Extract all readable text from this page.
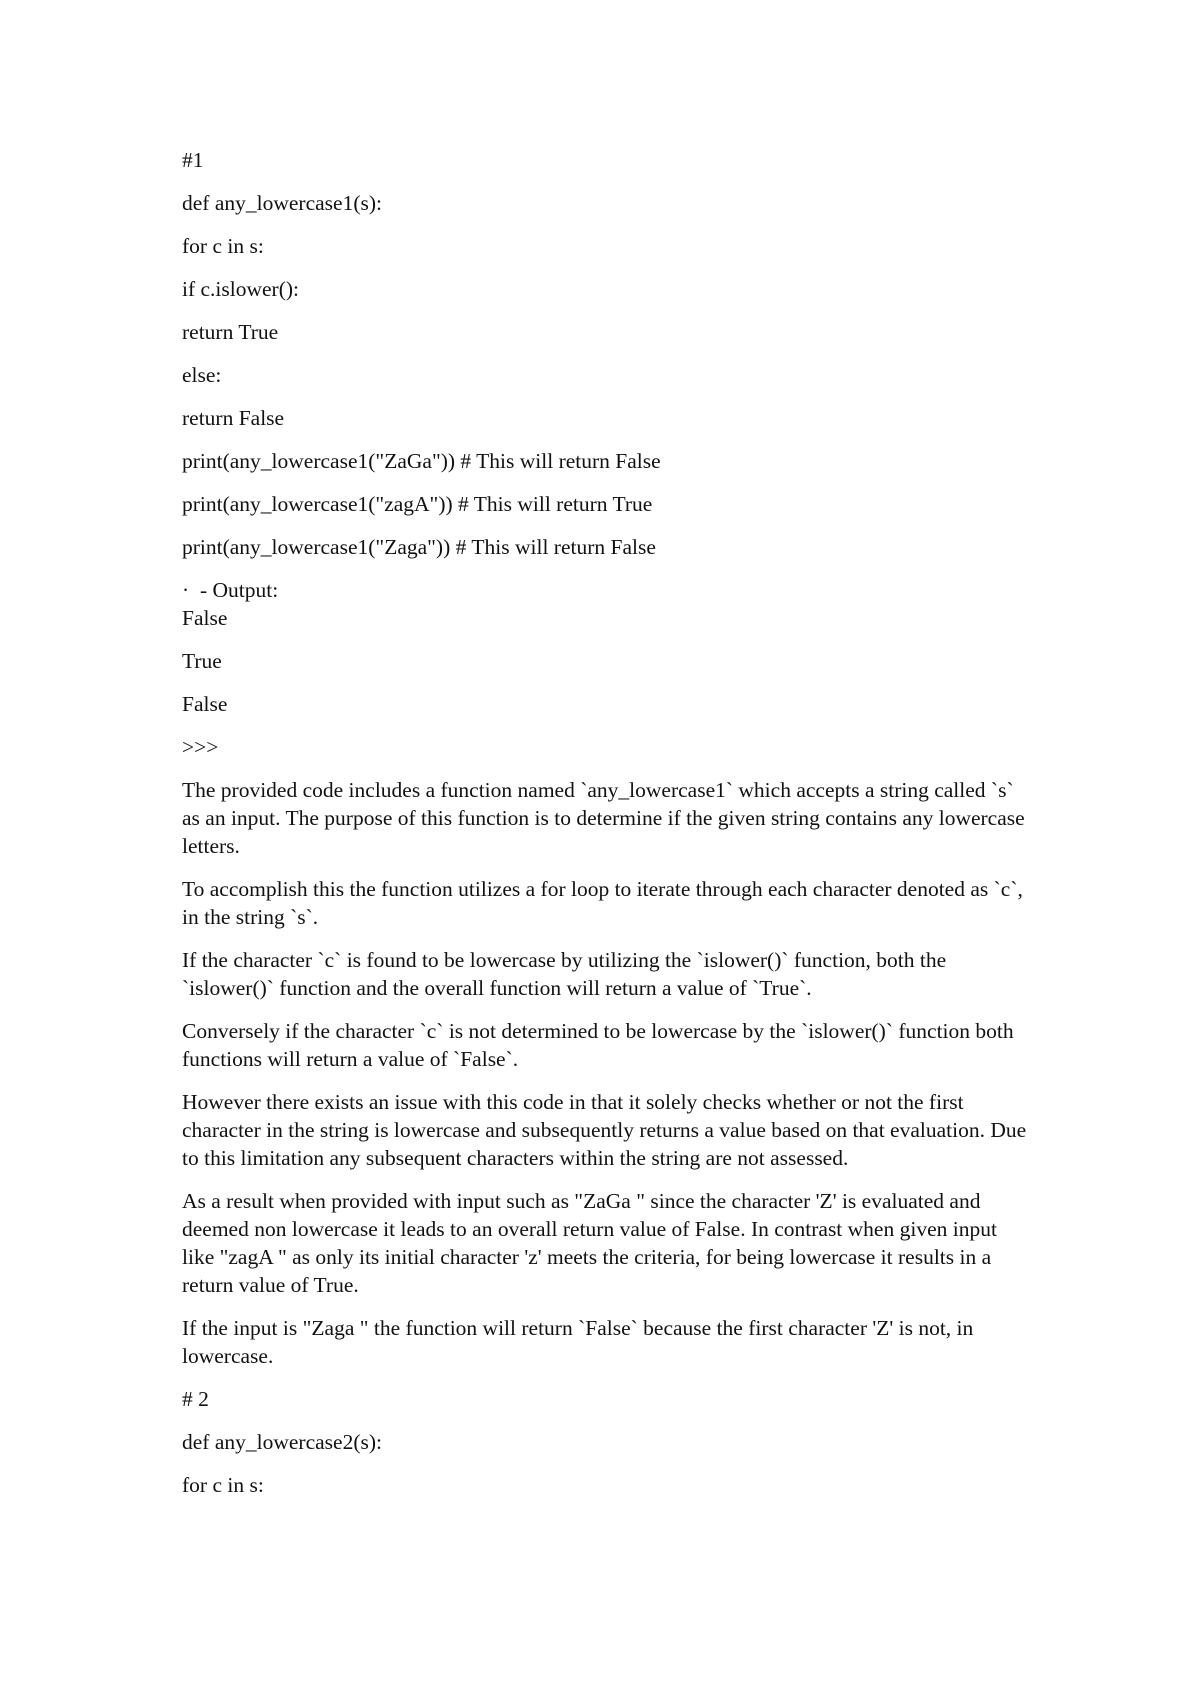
#1
def any_lowercase1(s):
for c in s:
if c.islower():
return True
else:
return False
print(any_lowercase1("ZaGa")) # This will return False
print(any_lowercase1("zagA")) # This will return True
print(any_lowercase1("Zaga")) # This will return False
· - Output:
False
True
False
>>>

The provided code includes a function named `any_lowercase1` which accepts a string called `s` as an input. The purpose of this function is to determine if the given string contains any lowercase letters.

To accomplish this the function utilizes a for loop to iterate through each character denoted as `c`, in the string `s`.

If the character `c` is found to be lowercase by utilizing the `islower()` function, both the `islower()` function and the overall function will return a value of `True`.

Conversely if the character `c` is not determined to be lowercase by the `islower()` function both functions will return a value of `False`.

However there exists an issue with this code in that it solely checks whether or not the first character in the string is lowercase and subsequently returns a value based on that evaluation. Due to this limitation any subsequent characters within the string are not assessed.

As a result when provided with input such as "ZaGa " since the character 'Z' is evaluated and deemed non lowercase it leads to an overall return value of False. In contrast when given input like "zagA " as only its initial character 'z' meets the criteria, for being lowercase it results in a return value of True.

If the input is "Zaga " the function will return `False` because the first character 'Z' is not, in lowercase.

# 2
def any_lowercase2(s):
for c in s:
